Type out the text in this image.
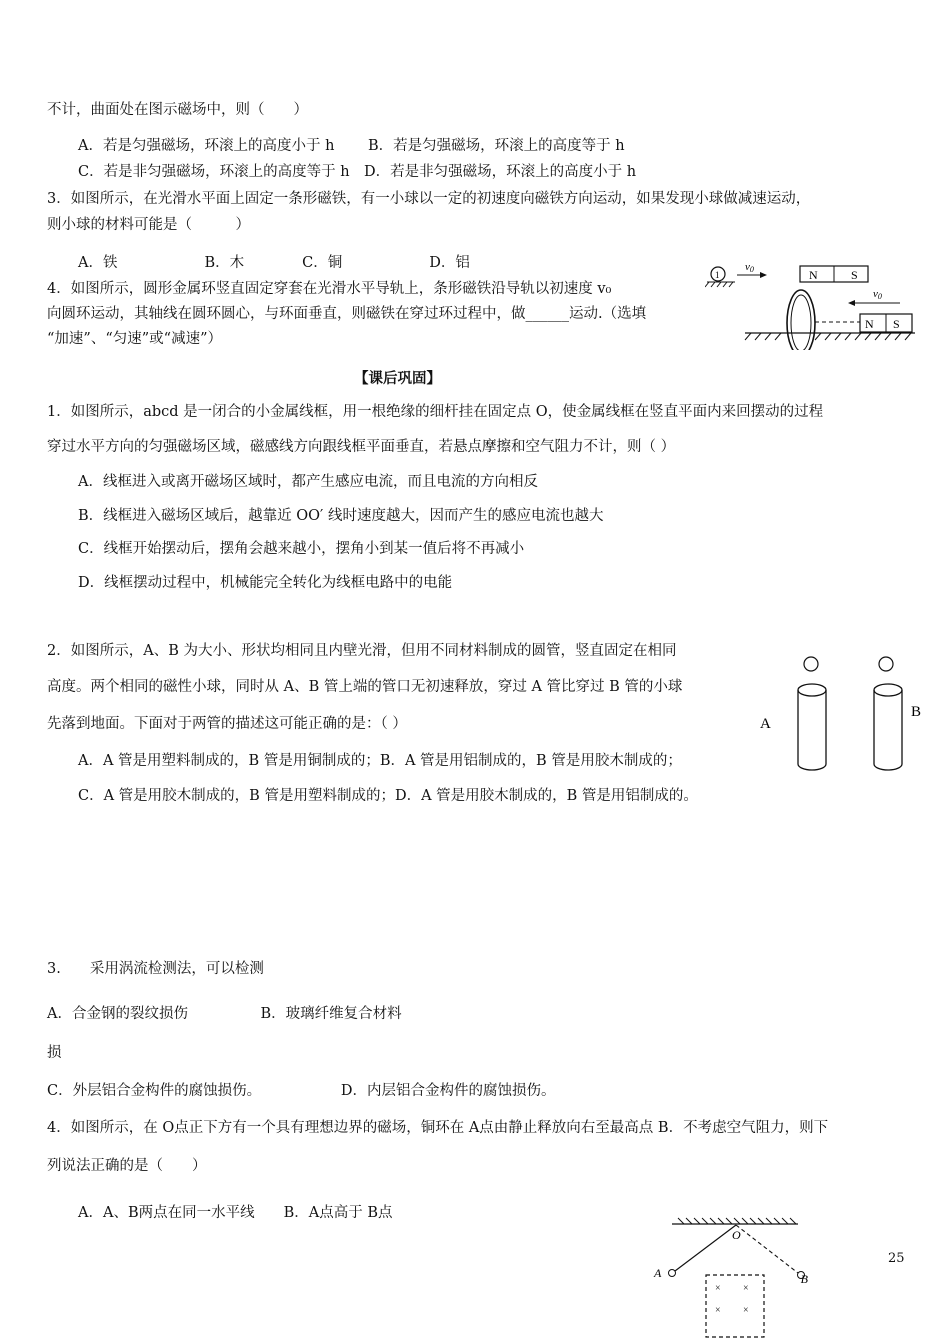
不计，曲面处在图示磁场中，则（　　）
A．若是匀强磁场，环滚上的高度小于 h　　 B．若是匀强磁场，环滚上的高度等于 h
C．若是非匀强磁场，环滚上的高度等于 h　D．若是非匀强磁场，环滚上的高度小于 h
3．如图所示，在光滑水平面上固定一条形磁铁，有一小球以一定的初速度向磁铁方向运动，如果发现小球做减速运动，
则小球的材料可能是（　　　）
A．铁　　　　　　B．木　　　　C．铜　　　　　　D．铝
4．如图所示，圆形金属环竖直固定穿套在光滑水平导轨上，条形磁铁沿导轨以初速度 v₀
向圆环运动，其轴线在圆环圆心，与环面垂直，则磁铁在穿过环过程中，做______运动.（选填
“加速”、“匀速”或“减速”）
【课后巩固】
1．如图所示，abcd 是一闭合的小金属线框，用一根绝缘的细杆挂在固定点 O，使金属线框在竖直平面内来回摆动的过程
穿过水平方向的匀强磁场区域，磁感线方向跟线框平面垂直，若悬点摩擦和空气阻力不计，则（ ）
A．线框进入或离开磁场区域时，都产生感应电流，而且电流的方向相反
B．线框进入磁场区域后，越靠近 OO′ 线时速度越大，因而产生的感应电流也越大
C．线框开始摆动后，摆角会越来越小，摆角小到某一值后将不再减小
D．线框摆动过程中，机械能完全转化为线框电路中的电能
2．如图所示，A、B 为大小、形状均相同且内壁光滑，但用不同材料制成的圆管，竖直固定在相同
高度。两个相同的磁性小球，同时从 A、B 管上端的管口无初速释放，穿过 A 管比穿过 B 管的小球
先落到地面。下面对于两管的描述这可能正确的是：（ ）
A．A 管是用塑料制成的，B 管是用铜制成的；B．A 管是用铝制成的，B 管是用胶木制成的；
C．A 管是用胶木制成的，B 管是用塑料制成的；D．A 管是用胶木制成的，B 管是用铝制成的。
3.　　采用涡流检测法，可以检测
A．合金钢的裂纹损伤　　　　　B．玻璃纤维复合材料
损
C．外层铝合金构件的腐蚀损伤。　　　　　　D．内层铝合金构件的腐蚀损伤。
4．如图所示，在 O点正下方有一个具有理想边界的磁场，铜环在 A点由静止释放向右至最高点 B．不考虑空气阻力，则下
列说法正确的是（　　）
A．A、B两点在同一水平线　　B．A点高于 B点
1
v0	N	S
N S
v0
A
B
O
A	B
× ×
× ×
25
